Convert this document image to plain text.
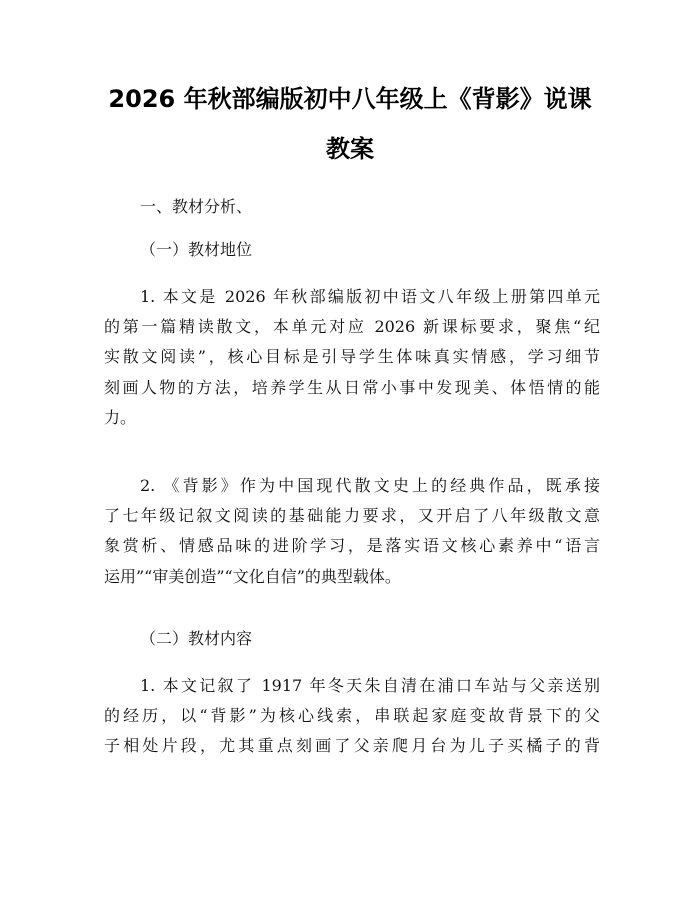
2026 年秋部编版初中八年级上《背影》说课
教案

一、教材分析、

（一）教材地位

1. 本文是 2026 年秋部编版初中语文八年级上册第四单元
的第一篇精读散文，本单元对应 2026 新课标要求，聚焦“纪
实散文阅读”，核心目标是引导学生体味真实情感，学习细节
刻画人物的方法，培养学生从日常小事中发现美、体悟情的能
力。

2. 《背影》作为中国现代散文史上的经典作品，既承接
了七年级记叙文阅读的基础能力要求，又开启了八年级散文意
象赏析、情感品味的进阶学习，是落实语文核心素养中“语言
运用”“审美创造”“文化自信”的典型载体。

（二）教材内容

1. 本文记叙了 1917 年冬天朱自清在浦口车站与父亲送别
的经历，以“背影”为核心线索，串联起家庭变故背景下的父
子相处片段，尤其重点刻画了父亲爬月台为儿子买橘子的背
